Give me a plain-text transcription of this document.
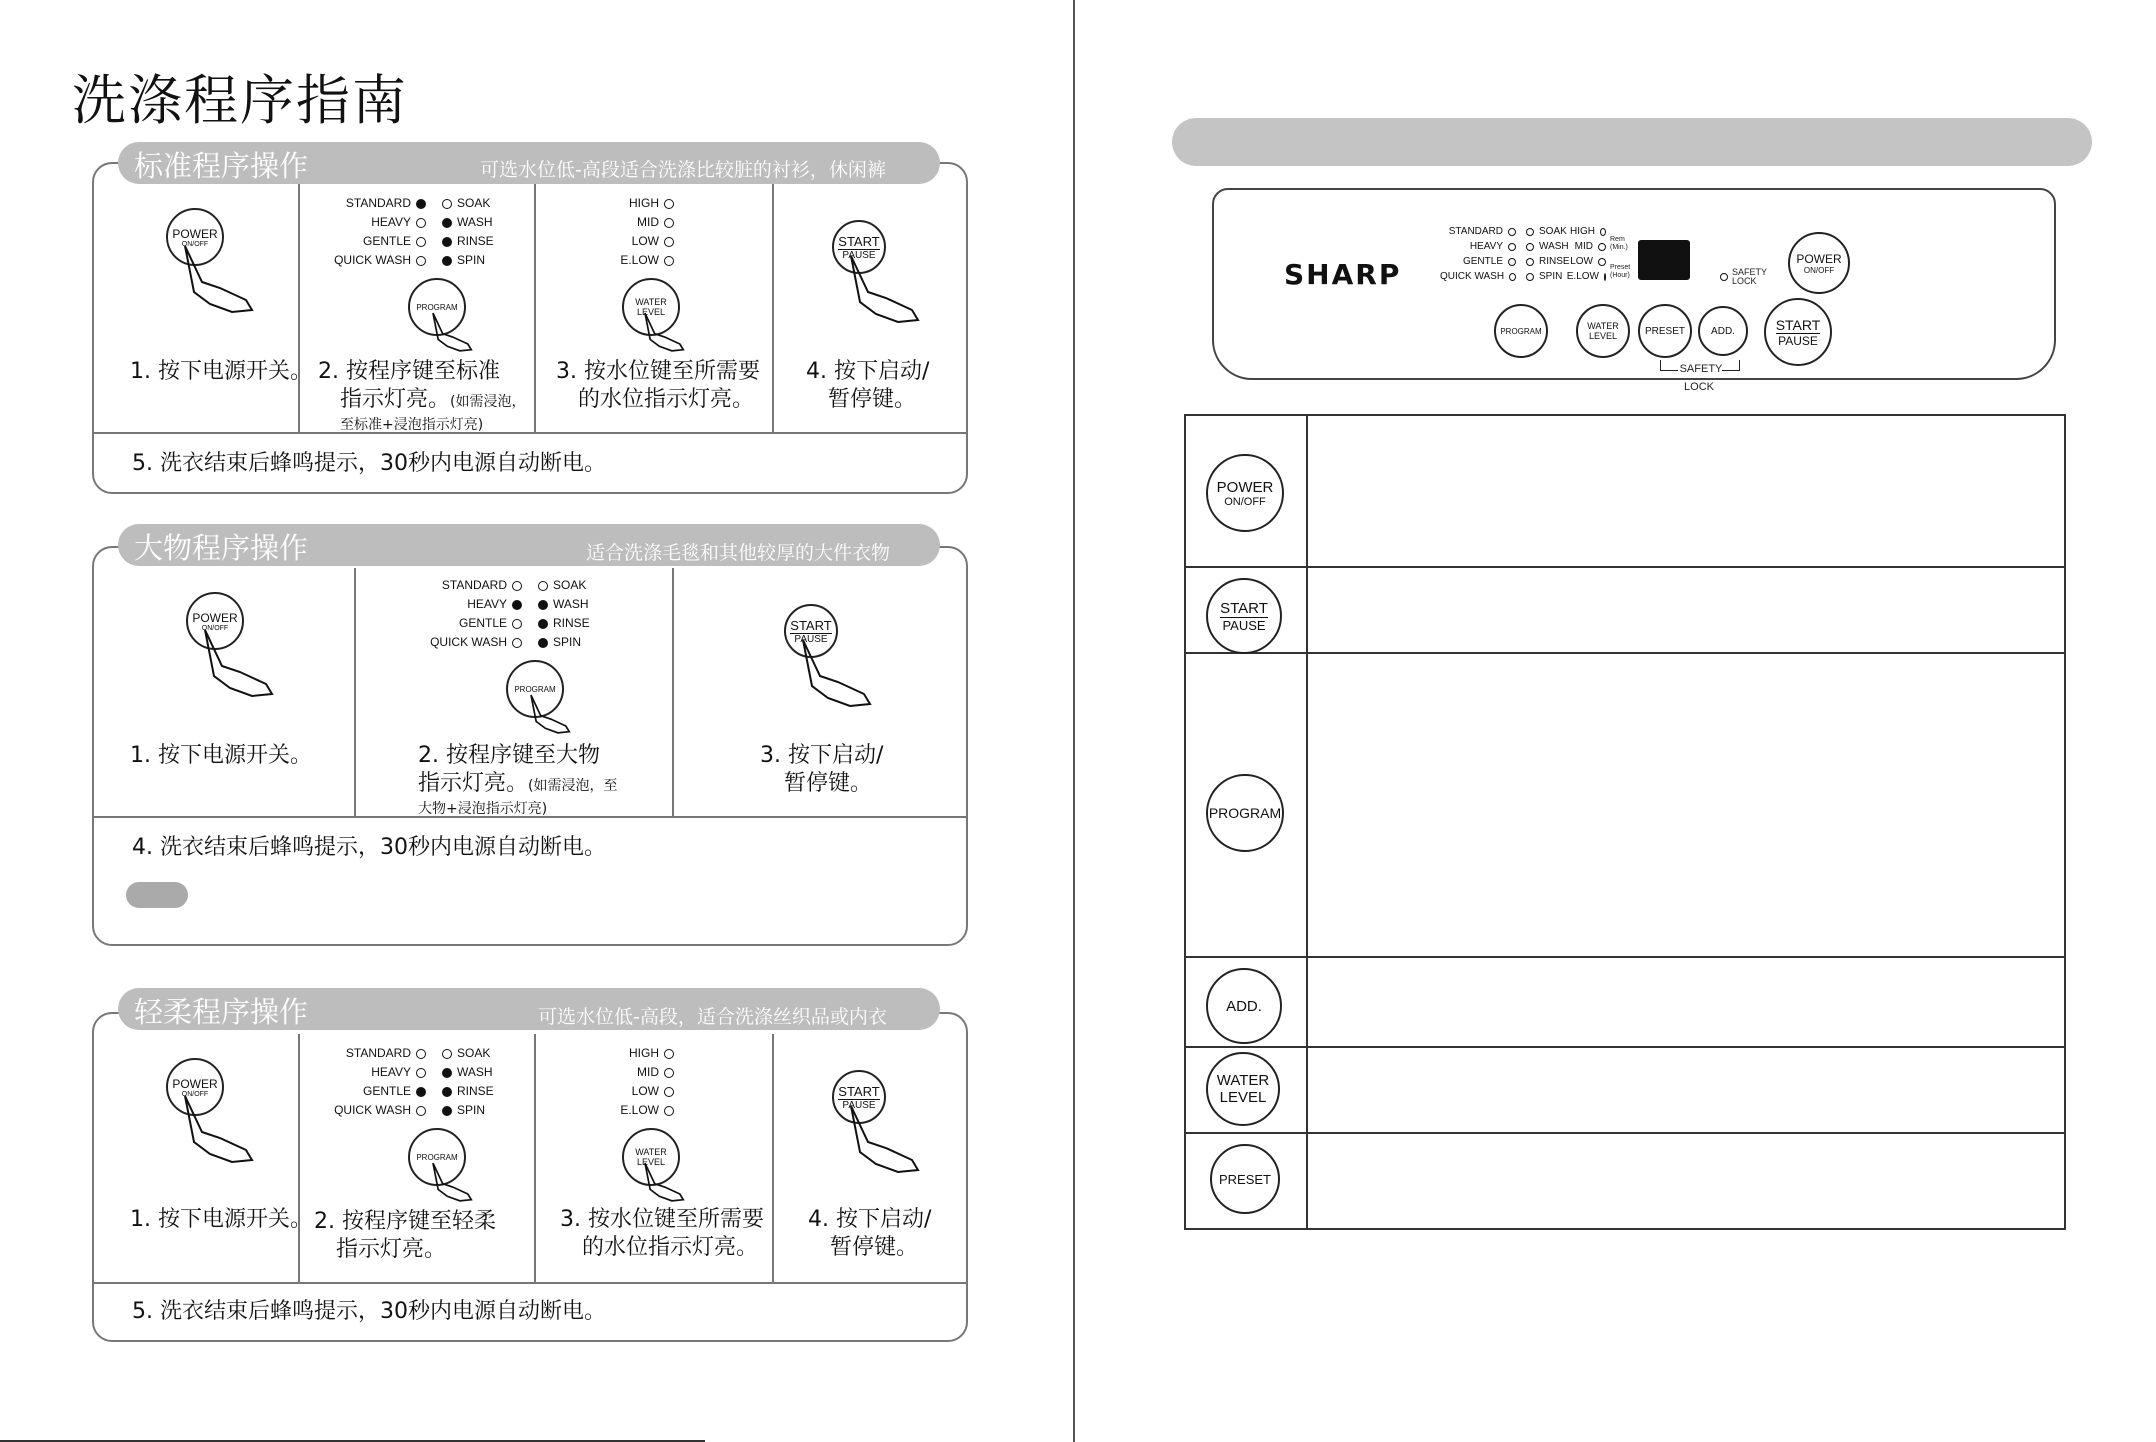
洗涤程序指南
标准程序操作	可选水位低-高段适合洗涤比较脏的衬衫，休闲裤
POWER
ON/OFF
1. 按下电源开关。
STANDARD
HEAVY
GENTLE
QUICK WASH
SOAK
WASH
RINSE
SPIN
PROGRAM
2. 按程序键至标准
指示灯亮。(如需浸泡，
至标准+浸泡指示灯亮)
HIGH
MID
LOW
E.LOW
WATER
LEVEL
3. 按水位键至所需要
的水位指示灯亮。
START
PAUSE
4. 按下启动/
暂停键。
5. 洗衣结束后蜂鸣提示，30秒内电源自动断电。
大物程序操作	适合洗涤毛毯和其他较厚的大件衣物
POWER
ON/OFF
1. 按下电源开关。
STANDARD
HEAVY
GENTLE
QUICK WASH
SOAK
WASH
RINSE
SPIN
PROGRAM
2. 按程序键至大物
指示灯亮。(如需浸泡，至
大物+浸泡指示灯亮)
START
PAUSE
3. 按下启动/
暂停键。
4. 洗衣结束后蜂鸣提示，30秒内电源自动断电。
轻柔程序操作	可选水位低-高段，适合洗涤丝织品或内衣
POWER
ON/OFF
1. 按下电源开关。
STANDARD
HEAVY
GENTLE
QUICK WASH
SOAK
WASH
RINSE
SPIN
PROGRAM
2. 按程序键至轻柔
指示灯亮。
HIGH
MID
LOW
E.LOW
WATER
LEVEL
3. 按水位键至所需要
的水位指示灯亮。
START
PAUSE
4. 按下启动/
暂停键。
5. 洗衣结束后蜂鸣提示，30秒内电源自动断电。
SHARP
STANDARD
HEAVY
GENTLE
QUICK WASH
SOAK
WASH
RINSE
SPIN
HIGH
MID
LOW
E.LOW
Rem (Min.)
Preset (Hour)	SAFETY LOCK
POWER
ON/OFF
PROGRAM	WATER
LEVEL	PRESET	ADD.	START
PAUSE
SAFETY LOCK
POWER
ON/OFF
START
PAUSE
PROGRAM
ADD.
WATER
LEVEL
PRESET
